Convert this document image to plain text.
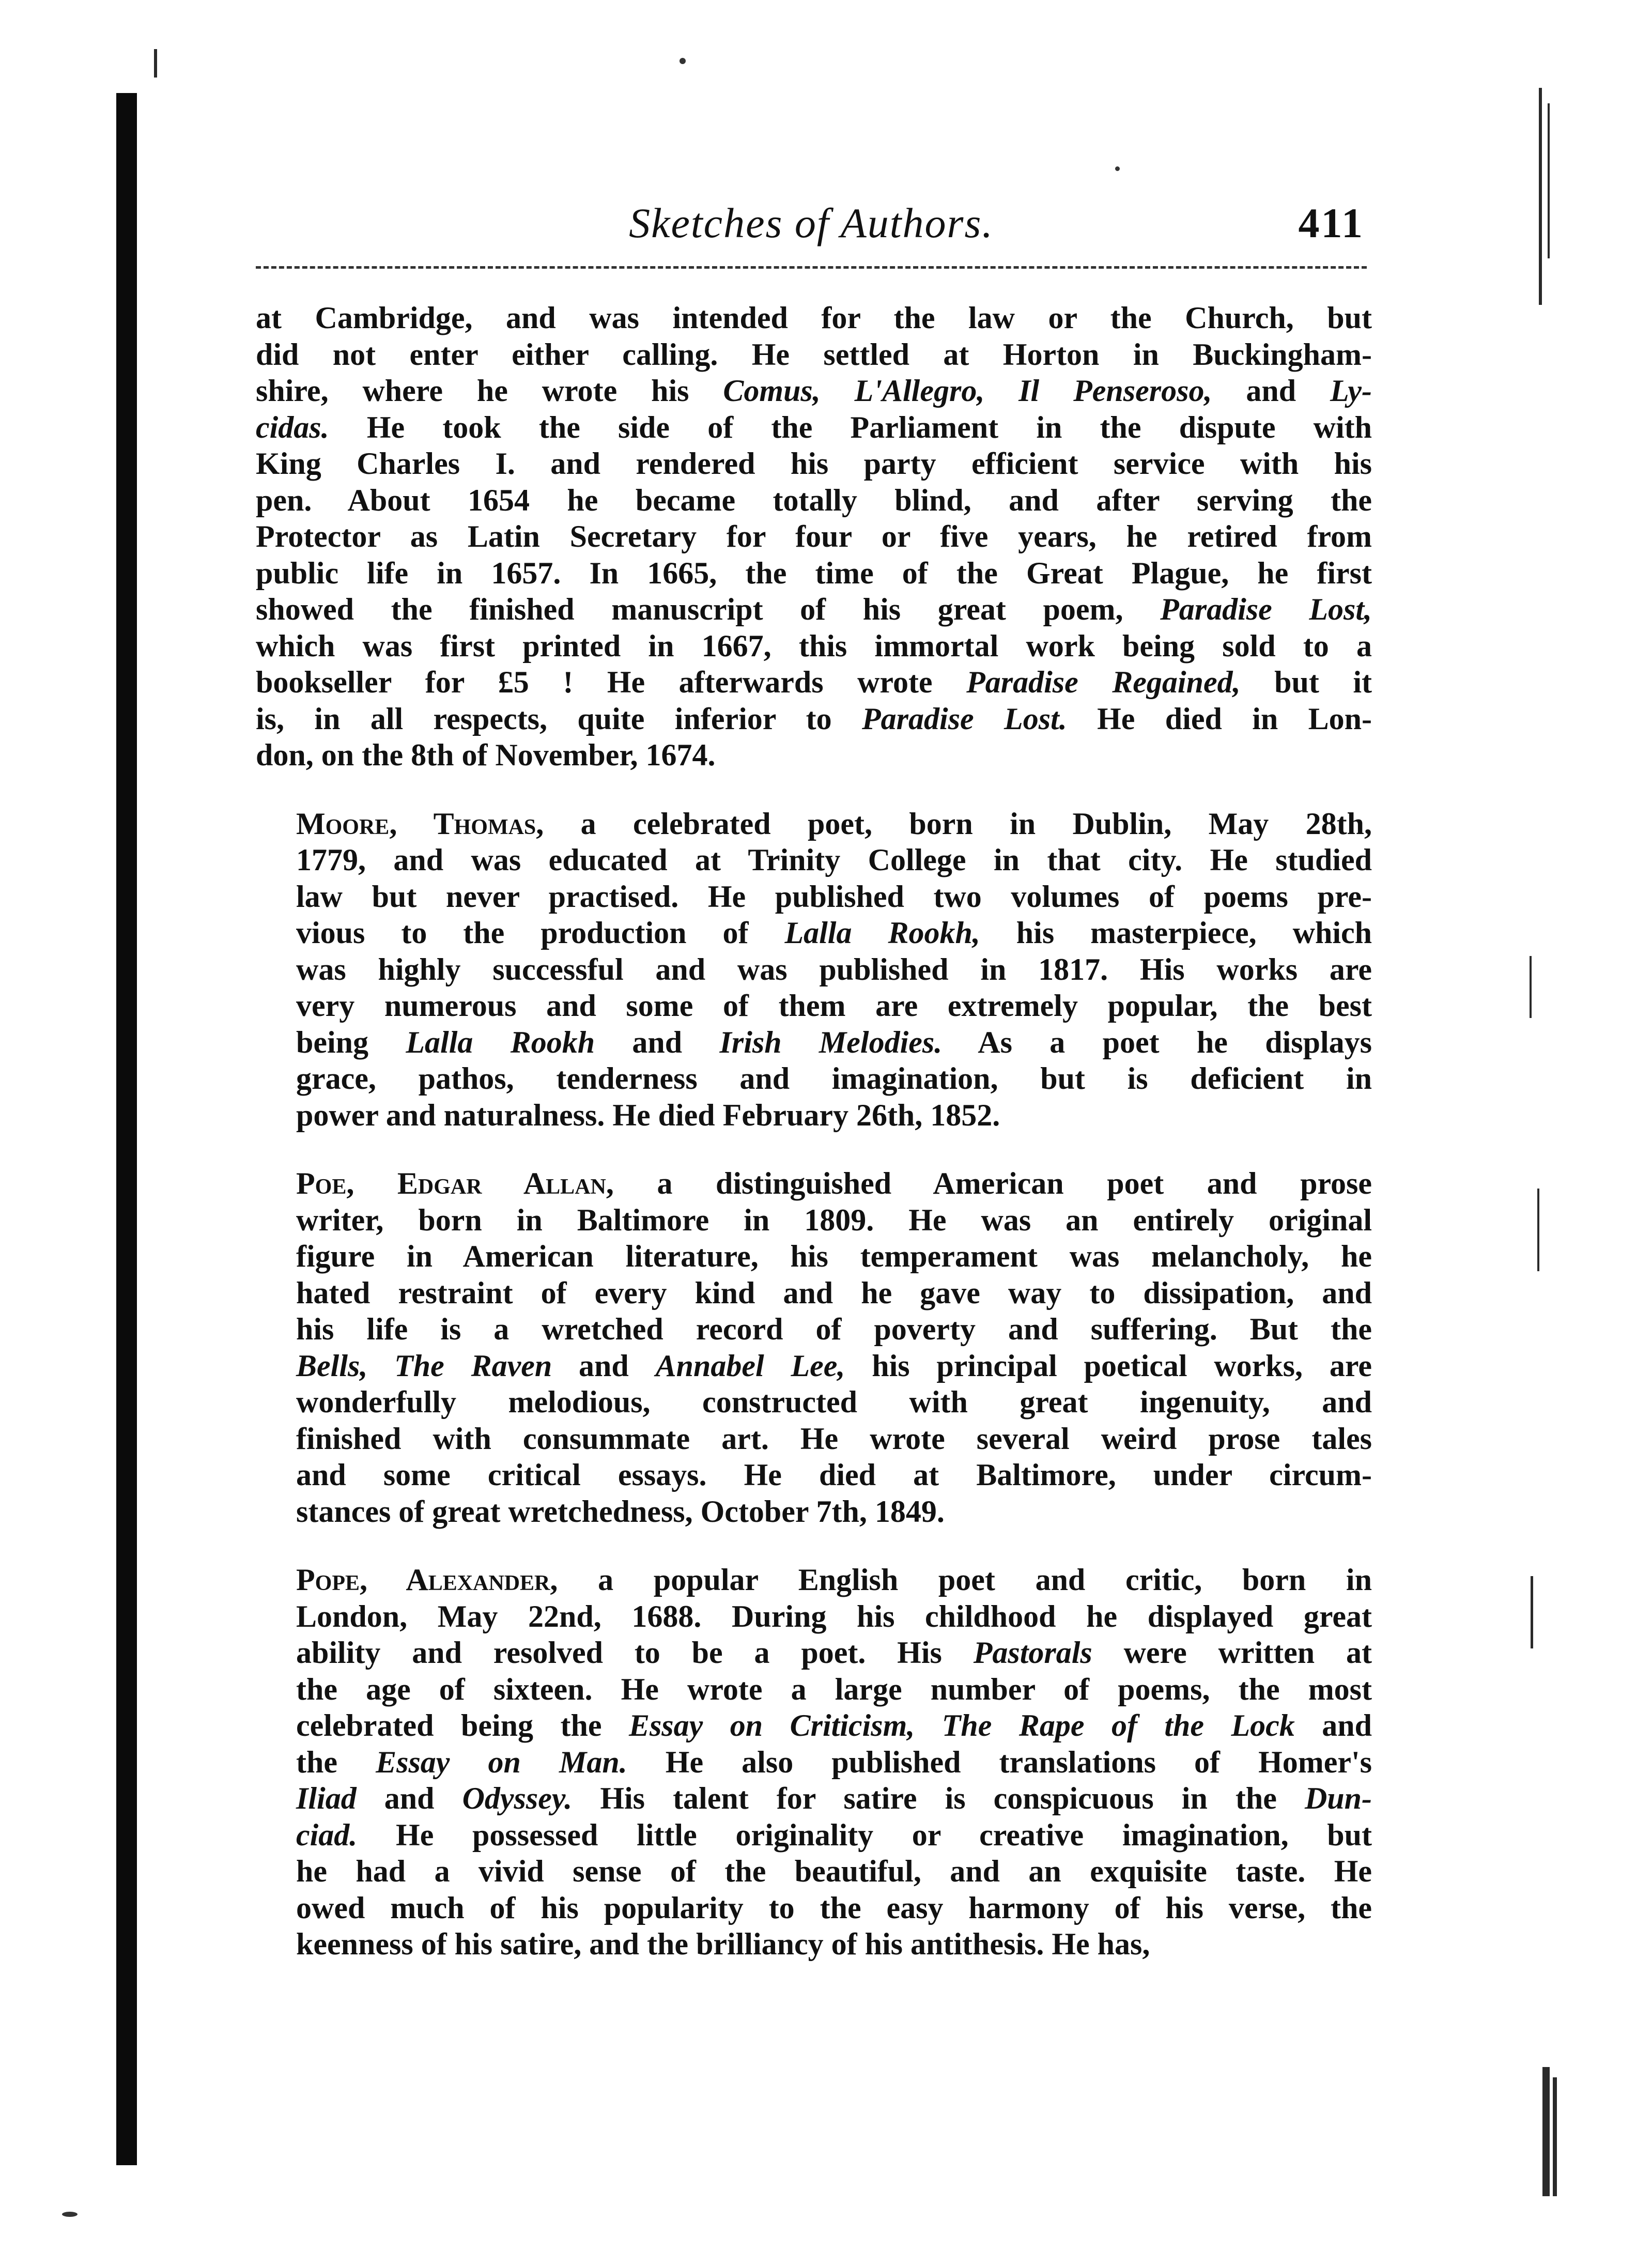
Sketches of Authors.	411

at Cambridge, and was intended for the law or the Church, but
did not enter either calling. He settled at Horton in Buckingham-
shire, where he wrote his Comus, L'Allegro, Il Penseroso, and Ly-
cidas. He took the side of the Parliament in the dispute with
King Charles I. and rendered his party efficient service with his
pen. About 1654 he became totally blind, and after serving the
Protector as Latin Secretary for four or five years, he retired from
public life in 1657. In 1665, the time of the Great Plague, he first
showed the finished manuscript of his great poem, Paradise Lost,
which was first printed in 1667, this immortal work being sold to a
bookseller for £5 ! He afterwards wrote Paradise Regained, but it
is, in all respects, quite inferior to Paradise Lost. He died in Lon-
don, on the 8th of November, 1674.

Moore, Thomas, a celebrated poet, born in Dublin, May 28th,
1779, and was educated at Trinity College in that city. He studied
law but never practised. He published two volumes of poems pre-
vious to the production of Lalla Rookh, his masterpiece, which
was highly successful and was published in 1817. His works are
very numerous and some of them are extremely popular, the best
being Lalla Rookh and Irish Melodies. As a poet he displays
grace, pathos, tenderness and imagination, but is deficient in
power and naturalness. He died February 26th, 1852.

Poe, Edgar Allan, a distinguished American poet and prose
writer, born in Baltimore in 1809. He was an entirely original
figure in American literature, his temperament was melancholy, he
hated restraint of every kind and he gave way to dissipation, and
his life is a wretched record of poverty and suffering. But the
Bells, The Raven and Annabel Lee, his principal poetical works, are
wonderfully melodious, constructed with great ingenuity, and
finished with consummate art. He wrote several weird prose tales
and some critical essays. He died at Baltimore, under circum-
stances of great wretchedness, October 7th, 1849.

Pope, Alexander, a popular English poet and critic, born in
London, May 22nd, 1688. During his childhood he displayed great
ability and resolved to be a poet. His Pastorals were written at
the age of sixteen. He wrote a large number of poems, the most
celebrated being the Essay on Criticism, The Rape of the Lock and
the Essay on Man. He also published translations of Homer's
Iliad and Odyssey. His talent for satire is conspicuous in the Dun-
ciad. He possessed little originality or creative imagination, but
he had a vivid sense of the beautiful, and an exquisite taste. He
owed much of his popularity to the easy harmony of his verse, the
keenness of his satire, and the brilliancy of his antithesis. He has,
